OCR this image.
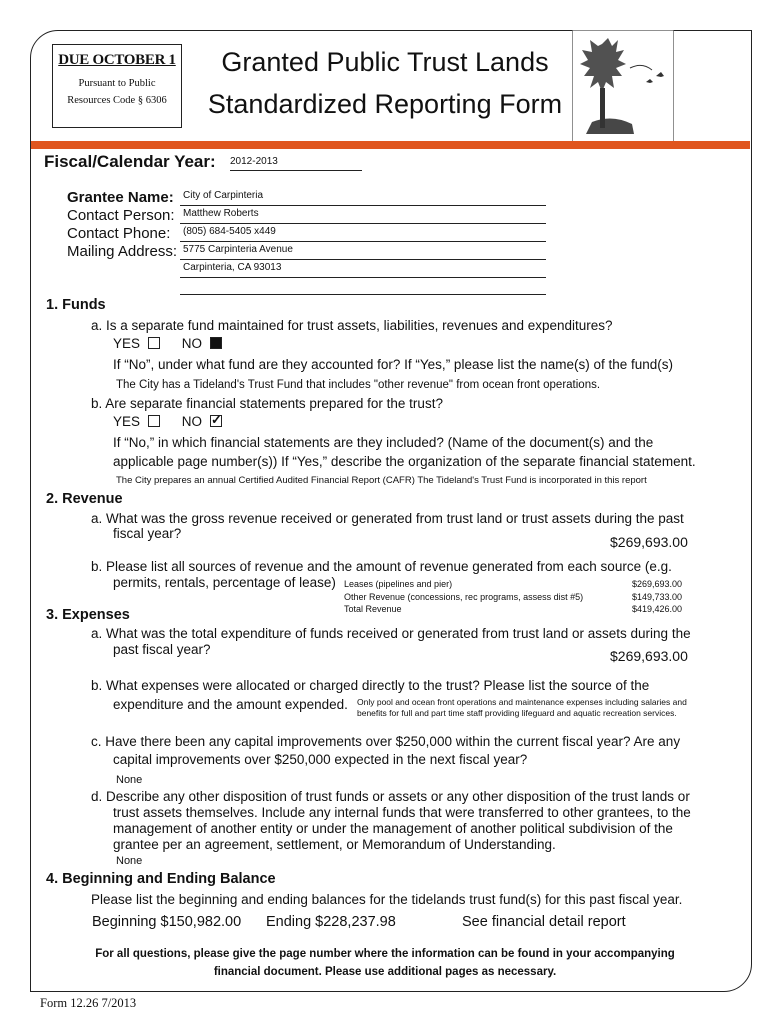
DUE OCTOBER 1
Pursuant to Public
Resources Code § 6306
Granted Public Trust Lands
Standardized Reporting Form
Fiscal/Calendar Year: 2012-2013
Grantee Name: City of Carpinteria
Contact Person: Matthew Roberts
Contact Phone:	(805) 684-5405 x449
Mailing Address: 5775 Carpinteria Avenue
Carpinteria, CA 93013
1. Funds
a. Is a separate fund maintained for trust assets, liabilities, revenues and expenditures?
YES	NO
If “No”, under what fund are they accounted for? If “Yes,” please list the name(s) of the fund(s)
The City has a Tideland's Trust Fund that includes "other revenue" from ocean front operations.
b. Are separate financial statements prepared for the trust?
YES	NO✓
If “No,” in which financial statements are they included? (Name of the document(s) and the
applicable page number(s)) If “Yes,” describe the organization of the separate financial statement.
The City prepares an annual Certified Audited Financial Report (CAFR) The Tideland's Trust Fund is incorporated in this report
2. Revenue
a. What was the gross revenue received or generated from trust land or trust assets during the past
fiscal year?
$269,693.00
b. Please list all sources of revenue and the amount of revenue generated from each source (e.g.
permits, rentals, percentage of lease) Leases (pipelines and pier)	$269,693.00
Other Revenue (concessions, rec programs, assess dist #5)	$149,733.00
Total Revenue	$419,426.00
3. Expenses
a. What was the total expenditure of funds received or generated from trust land or assets during the
past fiscal year?	$269,693.00
b. What expenses were allocated or charged directly to the trust? Please list the source of the
expenditure and the amount expended. Only pool and ocean front operations and maintenance expenses including salaries and
benefits for full and part time staff providing lifeguard and aquatic recreation services.
c. Have there been any capital improvements over $250,000 within the current fiscal year? Are any
capital improvements over $250,000 expected in the next fiscal year?
None
d. Describe any other disposition of trust funds or assets or any other disposition of the trust lands or
trust assets themselves. Include any internal funds that were transferred to other grantees, to the
management of another entity or under the management of another political subdivision of the
grantee per an agreement, settlement, or Memorandum of Understanding.
None
4. Beginning and Ending Balance
Please list the beginning and ending balances for the tidelands trust fund(s) for this past fiscal year.
Beginning $150,982.00 Ending $228,237.98	See financial detail report
For all questions, please give the page number where the information can be found in your accompanying
financial document. Please use additional pages as necessary.
Form 12.26 7/2013
